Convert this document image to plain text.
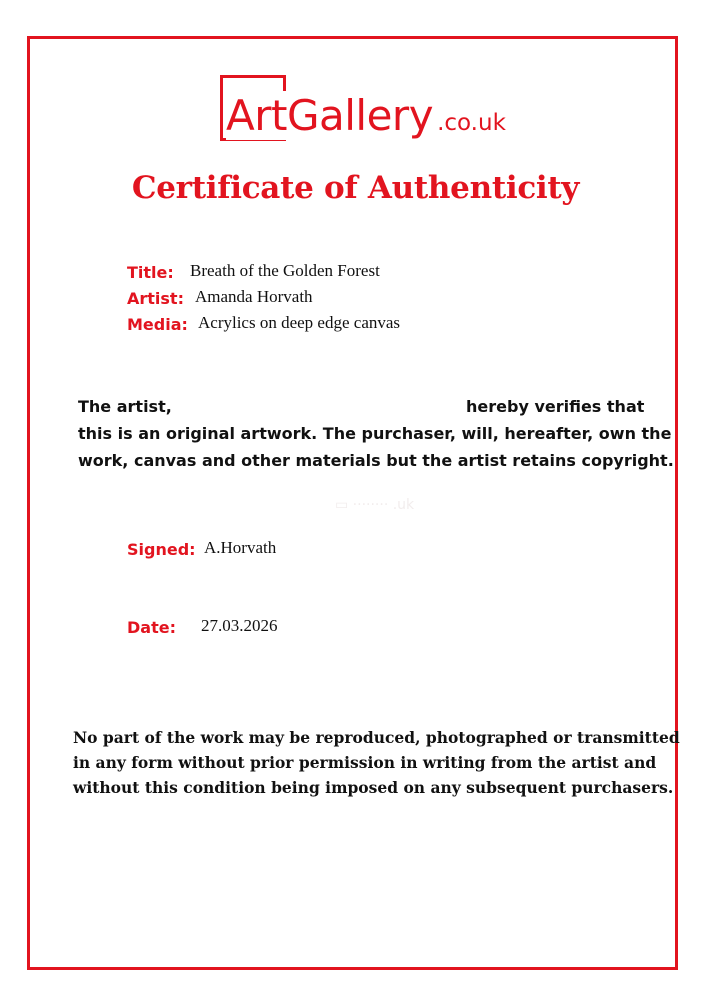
ArtGallery .co.uk
Certificate of Authenticity
Title: Breath of the Golden Forest
Artist: Amanda Horvath
Media: Acrylics on deep edge canvas
The artist,	hereby verifies that
this is an original artwork. The purchaser, will, hereafter, own the
work, canvas and other materials but the artist retains copyright.
▭ ········ .uk
Signed: A.Horvath
Date: 27.03.2026
No part of the work may be reproduced, photographed or transmitted
in any form without prior permission in writing from the artist and
without this condition being imposed on any subsequent purchasers.
